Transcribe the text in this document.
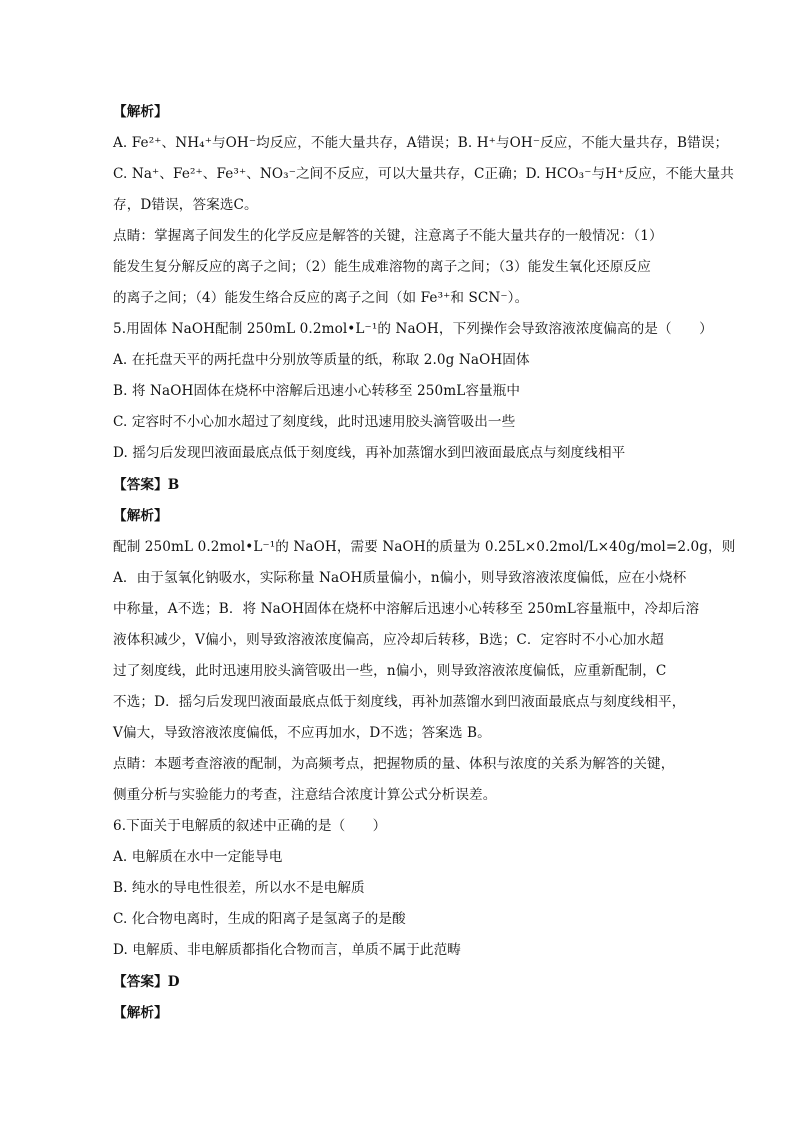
【解析】
A. Fe²⁺、NH₄⁺与OH⁻均反应，不能大量共存，A错误；B. H⁺与OH⁻反应，不能大量共存，B错误；
C. Na⁺、Fe²⁺、Fe³⁺、NO₃⁻之间不反应，可以大量共存，C正确；D. HCO₃⁻与H⁺反应，不能大量共
存，D错误，答案选C。
点睛：掌握离子间发生的化学反应是解答的关键，注意离子不能大量共存的一般情况：（1）
能发生复分解反应的离子之间；（2）能生成难溶物的离子之间；（3）能发生氧化还原反应
的离子之间；（4）能发生络合反应的离子之间（如 Fe³⁺和 SCN⁻）。
5.用固体 NaOH配制 250mL 0.2mol•L⁻¹的 NaOH，下列操作会导致溶液浓度偏高的是（　　）
A. 在托盘天平的两托盘中分别放等质量的纸，称取 2.0g NaOH固体
B. 将 NaOH固体在烧杯中溶解后迅速小心转移至 250mL容量瓶中
C. 定容时不小心加水超过了刻度线，此时迅速用胶头滴管吸出一些
D. 摇匀后发现凹液面最底点低于刻度线，再补加蒸馏水到凹液面最底点与刻度线相平
【答案】B
【解析】
配制 250mL 0.2mol•L⁻¹的 NaOH，需要 NaOH的质量为 0.25L×0.2mol/L×40g/mol=2.0g，则
A．由于氢氧化钠吸水，实际称量 NaOH质量偏小，n偏小，则导致溶液浓度偏低，应在小烧杯
中称量，A不选；B．将 NaOH固体在烧杯中溶解后迅速小心转移至 250mL容量瓶中，冷却后溶
液体积减少，V偏小，则导致溶液浓度偏高，应冷却后转移，B选；C．定容时不小心加水超
过了刻度线，此时迅速用胶头滴管吸出一些，n偏小，则导致溶液浓度偏低，应重新配制，C
不选；D．摇匀后发现凹液面最底点低于刻度线，再补加蒸馏水到凹液面最底点与刻度线相平，
V偏大，导致溶液浓度偏低，不应再加水，D不选；答案选 B。
点睛：本题考查溶液的配制，为高频考点，把握物质的量、体积与浓度的关系为解答的关键，
侧重分析与实验能力的考查，注意结合浓度计算公式分析误差。
6.下面关于电解质的叙述中正确的是（　　）
A. 电解质在水中一定能导电
B. 纯水的导电性很差，所以水不是电解质
C. 化合物电离时，生成的阳离子是氢离子的是酸
D. 电解质、非电解质都指化合物而言，单质不属于此范畴
【答案】D
【解析】
